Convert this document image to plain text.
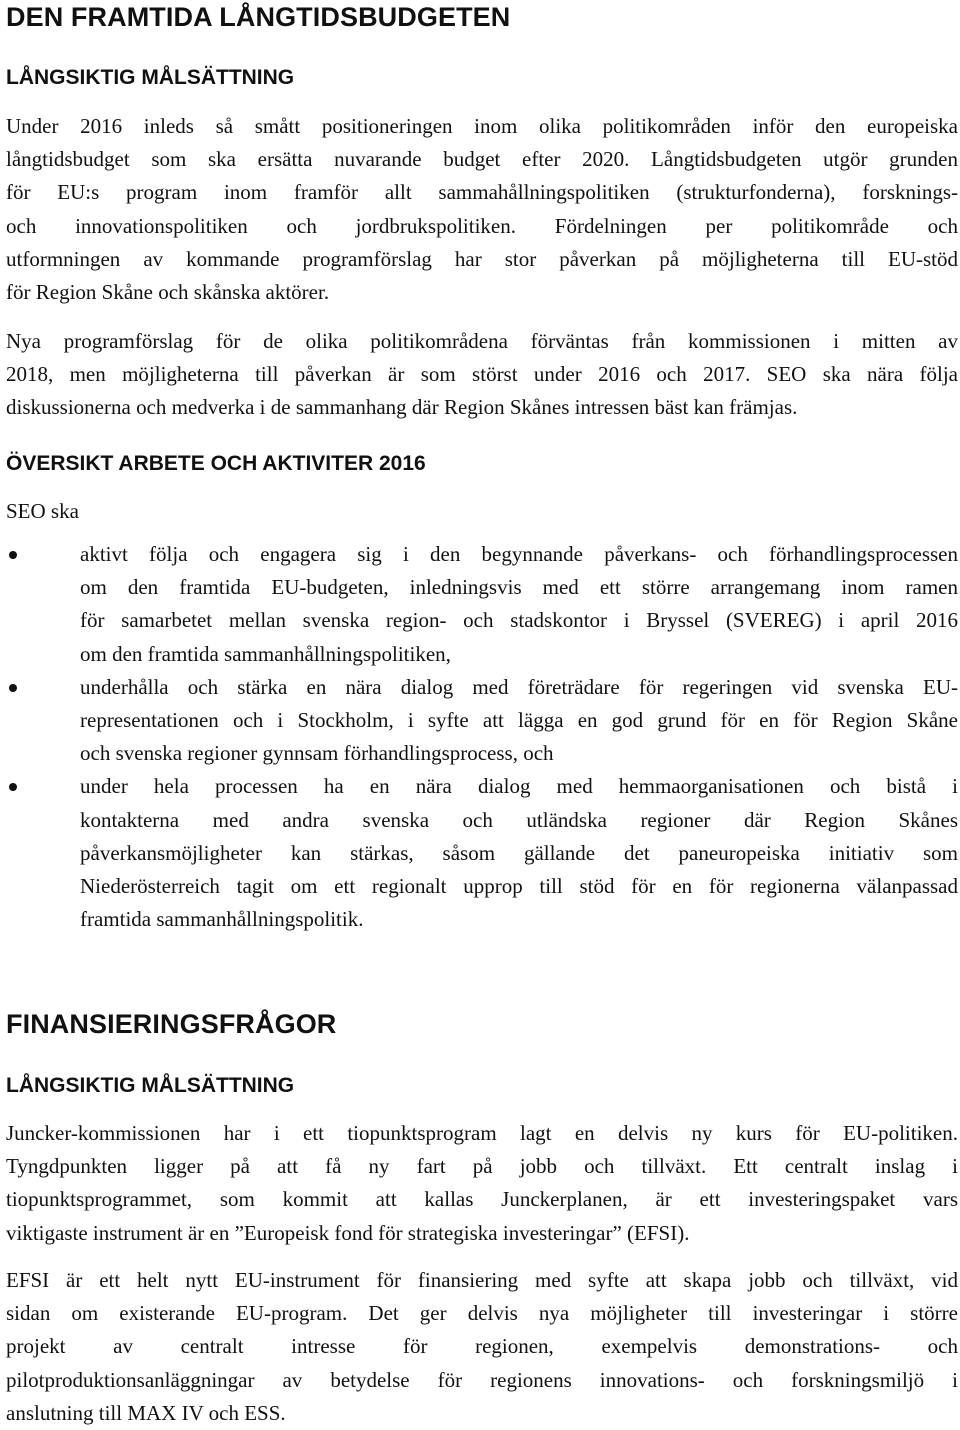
DEN FRAMTIDA LÅNGTIDSBUDGETEN
LÅNGSIKTIG MÅLSÄTTNING

Under 2016 inleds så smått positioneringen inom olika politikområden inför den europeiska
långtidsbudget som ska ersätta nuvarande budget efter 2020. Långtidsbudgeten utgör grunden
för EU:s program inom framför allt sammahållningspolitiken (strukturfonderna), forsknings-
och innovationspolitiken och jordbrukspolitiken. Fördelningen per politikområde och
utformningen av kommande programförslag har stor påverkan på möjligheterna till EU-stöd
för Region Skåne och skånska aktörer.

Nya programförslag för de olika politikområdena förväntas från kommissionen i mitten av
2018, men möjligheterna till påverkan är som störst under 2016 och 2017. SEO ska nära följa
diskussionerna och medverka i de sammanhang där Region Skånes intressen bäst kan främjas.

ÖVERSIKT ARBETE OCH AKTIVITER 2016

SEO ska

aktivt följa och engagera sig i den begynnande påverkans- och förhandlingsprocessen
om den framtida EU-budgeten, inledningsvis med ett större arrangemang inom ramen
för samarbetet mellan svenska region- och stadskontor i Bryssel (SVEREG) i april 2016
om den framtida sammanhållningspolitiken,
underhålla och stärka en nära dialog med företrädare för regeringen vid svenska EU-
representationen och i Stockholm, i syfte att lägga en god grund för en för Region Skåne
och svenska regioner gynnsam förhandlingsprocess, och
under hela processen ha en nära dialog med hemmaorganisationen och bistå i
kontakterna med andra svenska och utländska regioner där Region Skånes
påverkansmöjligheter kan stärkas, såsom gällande det paneuropeiska initiativ som
Niederösterreich tagit om ett regionalt upprop till stöd för en för regionerna välanpassad
framtida sammanhållningspolitik.
FINANSIERINGSFRÅGOR
LÅNGSIKTIG MÅLSÄTTNING

Juncker-kommissionen har i ett tiopunktsprogram lagt en delvis ny kurs för EU-politiken.
Tyngdpunkten ligger på att få ny fart på jobb och tillväxt. Ett centralt inslag i
tiopunktsprogrammet, som kommit att kallas Junckerplanen, är ett investeringspaket vars
viktigaste instrument är en ”Europeisk fond för strategiska investeringar” (EFSI).

EFSI är ett helt nytt EU-instrument för finansiering med syfte att skapa jobb och tillväxt, vid
sidan om existerande EU-program. Det ger delvis nya möjligheter till investeringar i större
projekt av centralt intresse för regionen, exempelvis demonstrations- och
pilotproduktionsanläggningar av betydelse för regionens innovations- och forskningsmiljö i
anslutning till MAX IV och ESS.
